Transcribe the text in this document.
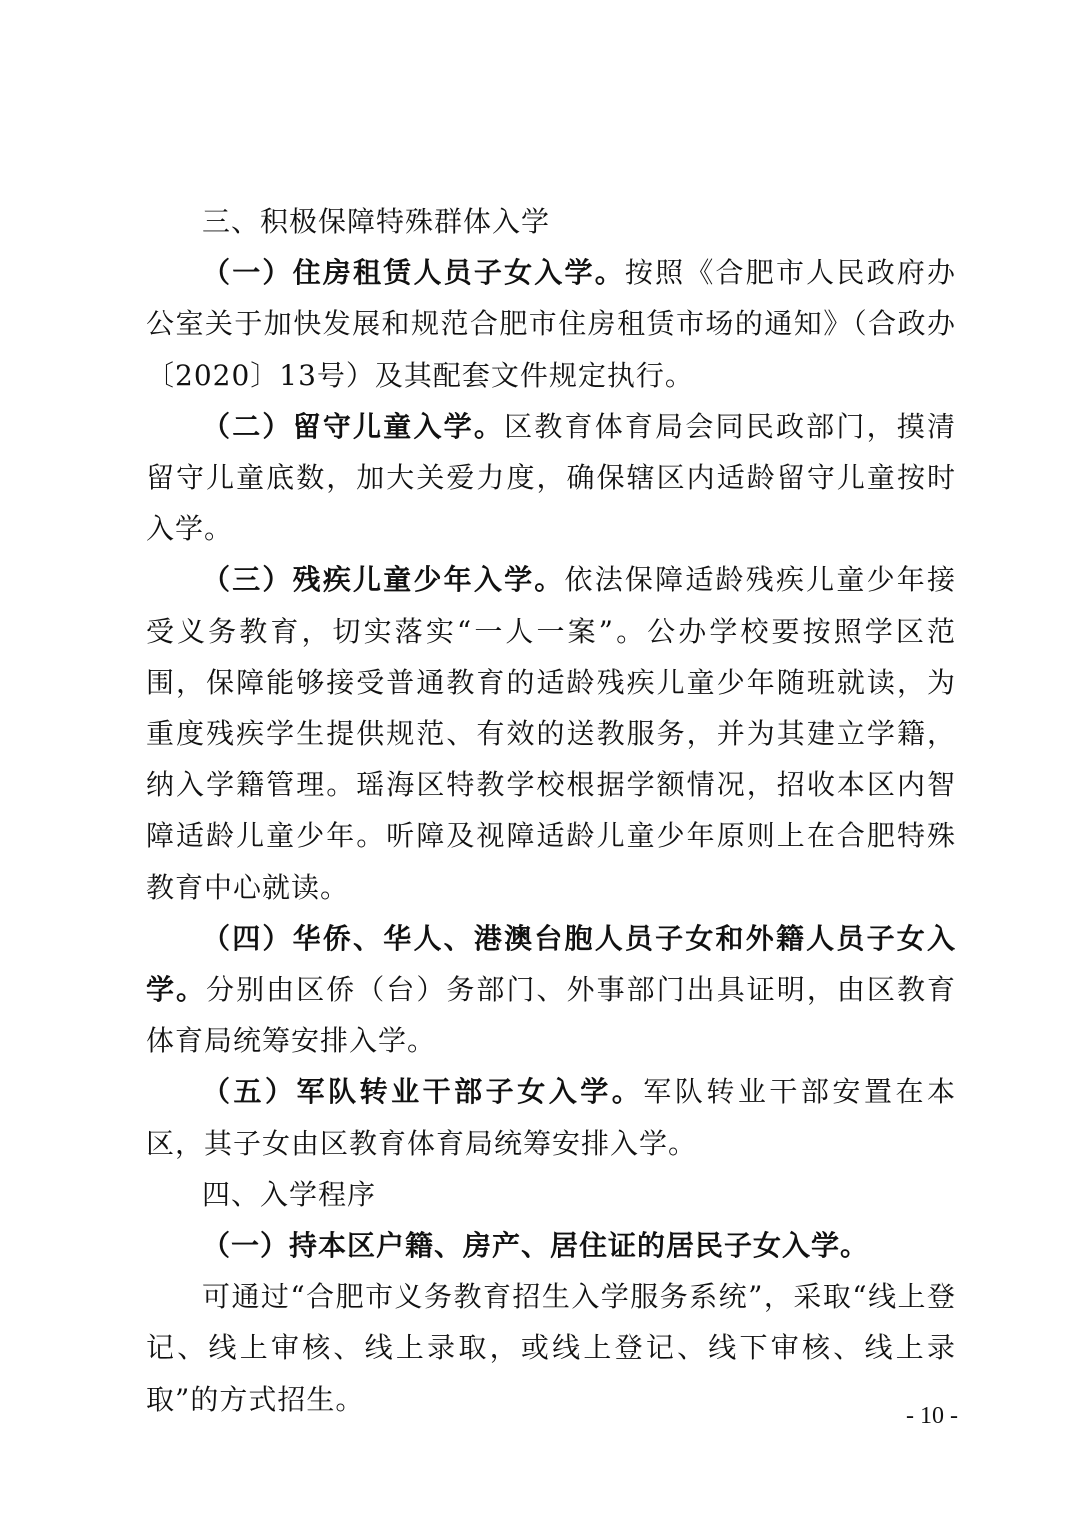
三、积极保障特殊群体入学

（一）住房租赁人员子女入学。按照《合肥市人民政府办公室关于加快发展和规范合肥市住房租赁市场的通知》（合政办〔2020〕13号）及其配套文件规定执行。

（二）留守儿童入学。区教育体育局会同民政部门，摸清留守儿童底数，加大关爱力度，确保辖区内适龄留守儿童按时入学。

（三）残疾儿童少年入学。依法保障适龄残疾儿童少年接受义务教育，切实落实“一人一案”。公办学校要按照学区范围，保障能够接受普通教育的适龄残疾儿童少年随班就读，为重度残疾学生提供规范、有效的送教服务，并为其建立学籍，纳入学籍管理。瑶海区特教学校根据学额情况，招收本区内智障适龄儿童少年。听障及视障适龄儿童少年原则上在合肥特殊教育中心就读。

（四）华侨、华人、港澳台胞人员子女和外籍人员子女入学。分别由区侨（台）务部门、外事部门出具证明，由区教育体育局统筹安排入学。

（五）军队转业干部子女入学。军队转业干部安置在本区，其子女由区教育体育局统筹安排入学。

四、入学程序

（一）持本区户籍、房产、居住证的居民子女入学。

可通过“合肥市义务教育招生入学服务系统”，采取“线上登记、线上审核、线上录取，或线上登记、线下审核、线上录取”的方式招生。

- 10 -
